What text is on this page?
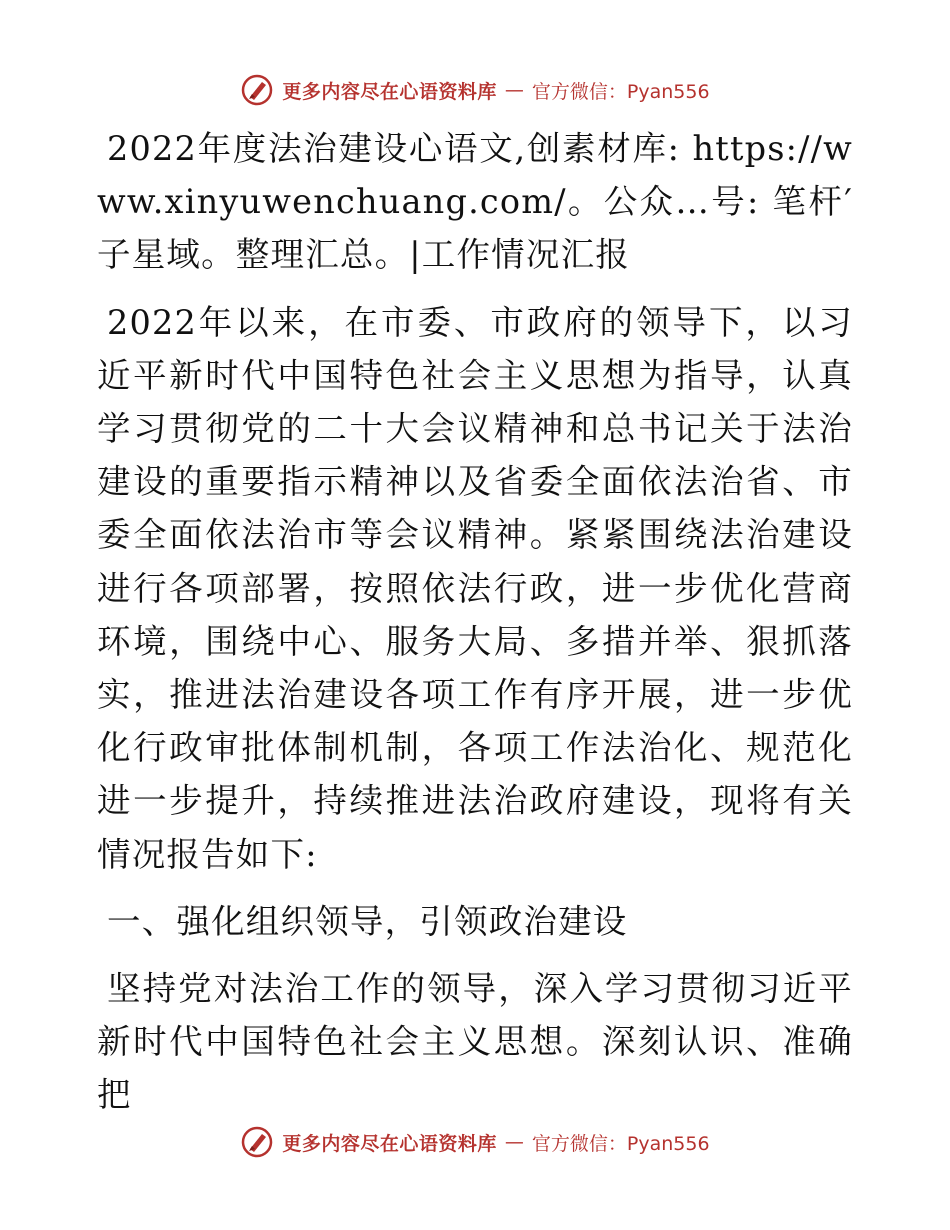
更多内容尽在心语资料库 — 官方微信：Pyan556

2022年度法治建设心语文,创素材库: https://www.xinyuwenchuang.com/。公众…号: 笔杆′子星域。整理汇总。|工作情况汇报

2022年以来，在市委、市政府的领导下，以习近平新时代中国特色社会主义思想为指导，认真学习贯彻党的二十大会议精神和总书记关于法治建设的重要指示精神以及省委全面依法治省、市委全面依法治市等会议精神。紧紧围绕法治建设进行各项部署，按照依法行政，进一步优化营商环境，围绕中心、服务大局、多措并举、狠抓落实，推进法治建设各项工作有序开展，进一步优化行政审批体制机制，各项工作法治化、规范化进一步提升，持续推进法治政府建设，现将有关情况报告如下:

一、强化组织领导，引领政治建设

坚持党对法治工作的领导，深入学习贯彻习近平新时代中国特色社会主义思想。深刻认识、准确把

更多内容尽在心语资料库 — 官方微信：Pyan556
